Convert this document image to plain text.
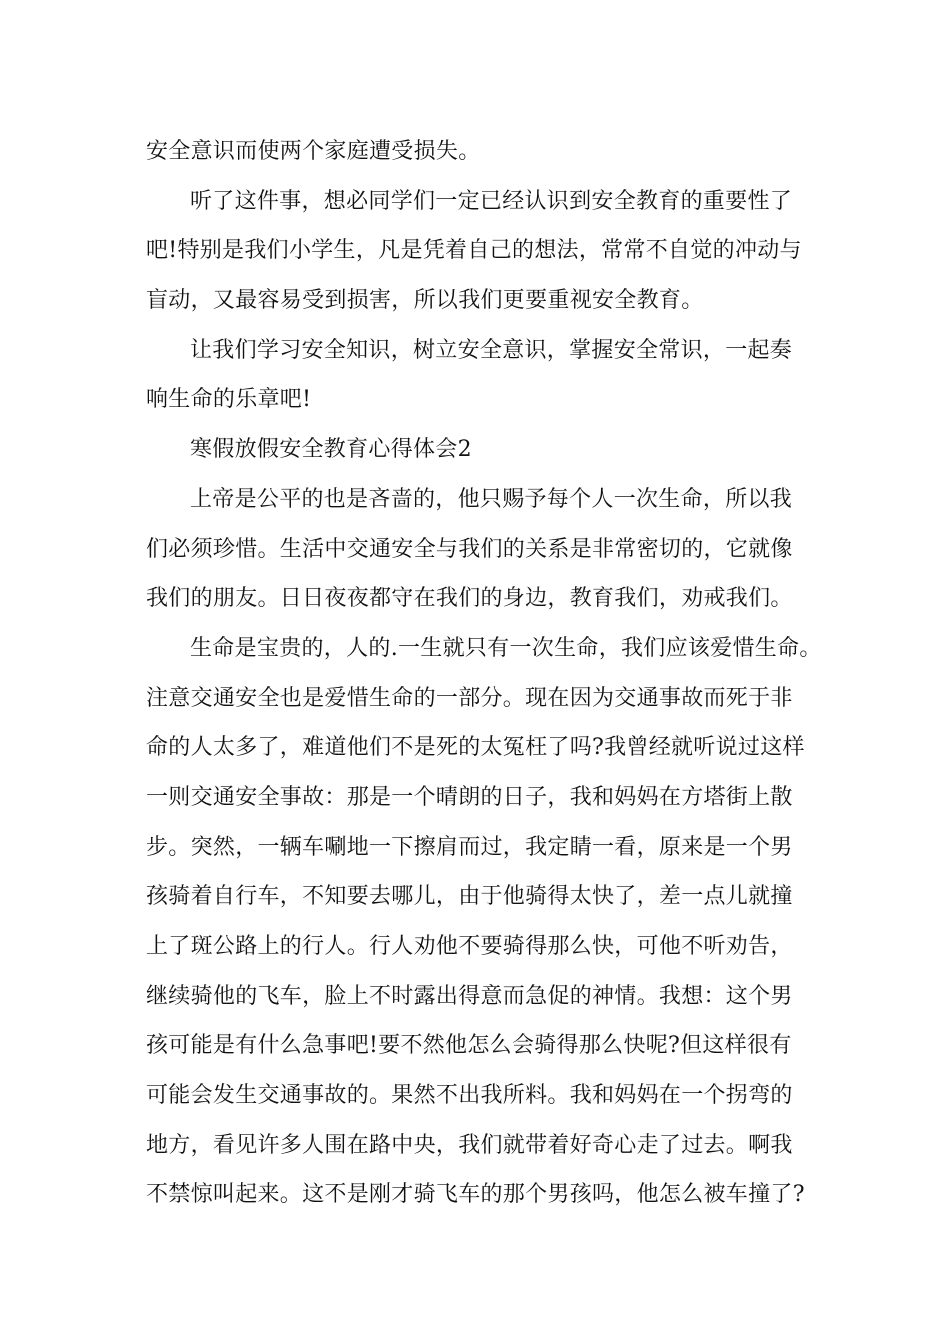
安全意识而使两个家庭遭受损失。
听了这件事，想必同学们一定已经认识到安全教育的重要性了
吧!特别是我们小学生，凡是凭着自己的想法，常常不自觉的冲动与
盲动，又最容易受到损害，所以我们更要重视安全教育。
让我们学习安全知识，树立安全意识，掌握安全常识，一起奏
响生命的乐章吧!
寒假放假安全教育心得体会2
上帝是公平的也是吝啬的，他只赐予每个人一次生命，所以我
们必须珍惜。生活中交通安全与我们的关系是非常密切的，它就像
我们的朋友。日日夜夜都守在我们的身边，教育我们，劝戒我们。
生命是宝贵的，人的.一生就只有一次生命，我们应该爱惜生命。
注意交通安全也是爱惜生命的一部分。现在因为交通事故而死于非
命的人太多了，难道他们不是死的太冤枉了吗?我曾经就听说过这样
一则交通安全事故：那是一个晴朗的日子，我和妈妈在方塔街上散
步。突然，一辆车唰地一下擦肩而过，我定睛一看，原来是一个男
孩骑着自行车，不知要去哪儿，由于他骑得太快了，差一点儿就撞
上了斑公路上的行人。行人劝他不要骑得那么快，可他不听劝告，
继续骑他的飞车，脸上不时露出得意而急促的神情。我想：这个男
孩可能是有什么急事吧!要不然他怎么会骑得那么快呢?但这样很有
可能会发生交通事故的。果然不出我所料。我和妈妈在一个拐弯的
地方，看见许多人围在路中央，我们就带着好奇心走了过去。啊我
不禁惊叫起来。这不是刚才骑飞车的那个男孩吗，他怎么被车撞了?
